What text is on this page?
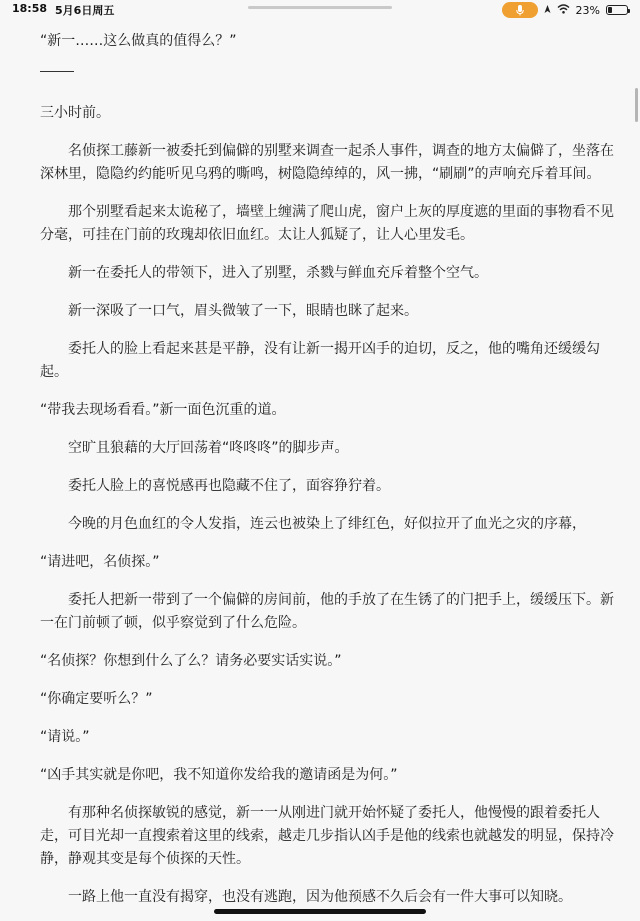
18:58 5月6日周五	23%

“新一……这么做真的值得么？”

三小时前。

　　名侦探工藤新一被委托到偏僻的别墅来调查一起杀人事件，调查的地方太偏僻了，坐落在深林里，隐隐约约能听见乌鸦的嘶鸣，树隐隐绰绰的，风一拂，“刷刷”的声响充斥着耳间。

　　那个别墅看起来太诡秘了，墙壁上缠满了爬山虎，窗户上灰的厚度遮的里面的事物看不见分毫，可挂在门前的玫瑰却依旧血红。太让人狐疑了，让人心里发毛。

　　新一在委托人的带领下，进入了别墅，杀戮与鲜血充斥着整个空气。

　　新一深吸了一口气，眉头微皱了一下，眼睛也眯了起来。

　　委托人的脸上看起来甚是平静，没有让新一揭开凶手的迫切，反之，他的嘴角还缓缓勾起。

“带我去现场看看。”新一面色沉重的道。

　　空旷且狼藉的大厅回荡着“咚咚咚”的脚步声。

　　委托人脸上的喜悦感再也隐藏不住了，面容狰狞着。

　　今晚的月色血红的令人发指，连云也被染上了绯红色，好似拉开了血光之灾的序幕，

“请进吧，名侦探。”

　　委托人把新一带到了一个偏僻的房间前，他的手放了在生锈了的门把手上，缓缓压下。新一在门前顿了顿，似乎察觉到了什么危险。

“名侦探？你想到什么了么？请务必要实话实说。”

“你确定要听么？”

“请说。”

“凶手其实就是你吧，我不知道你发给我的邀请函是为何。”

　　有那种名侦探敏锐的感觉，新一一从刚进门就开始怀疑了委托人，他慢慢的跟着委托人走，可目光却一直搜索着这里的线索，越走几步指认凶手是他的线索也就越发的明显，保持冷静，静观其变是每个侦探的天性。

　　一路上他一直没有揭穿，也没有逃跑，因为他预感不久后会有一件大事可以知晓。
